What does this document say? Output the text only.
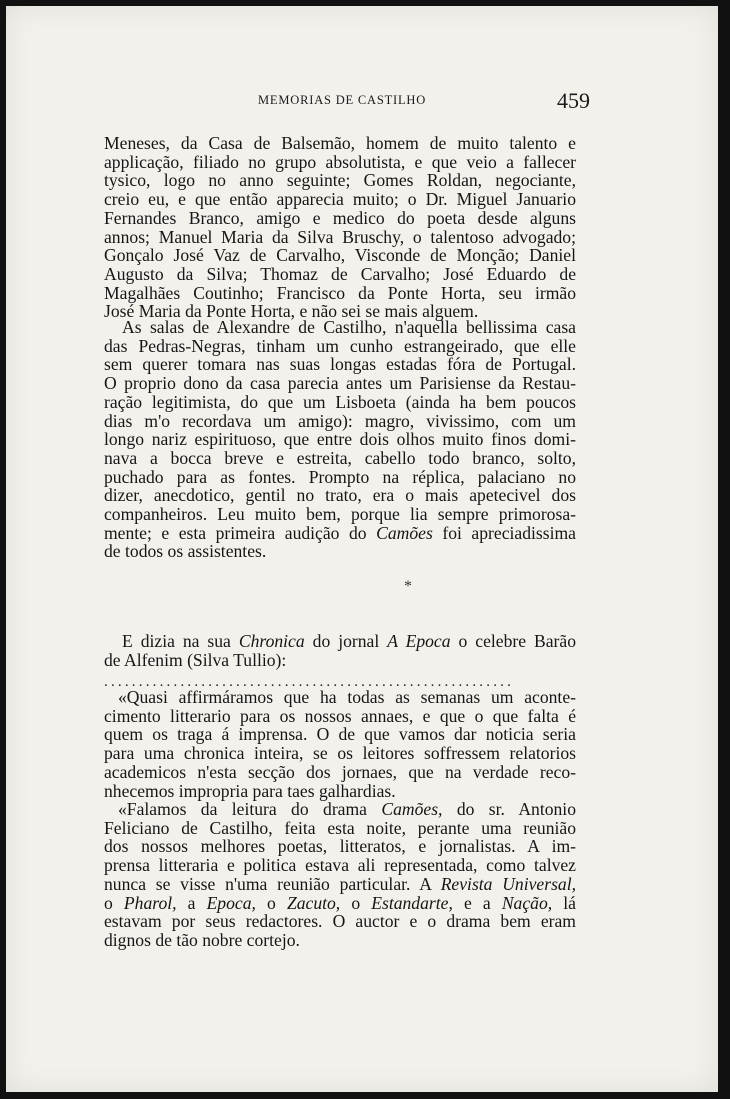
MEMORIAS DE CASTILHO	459
Meneses, da Casa de Balsemão, homem de muito talento e
applicação, filiado no grupo absolutista, e que veio a fallecer
tysico, logo no anno seguinte; Gomes Roldan, negociante,
creio eu, e que então apparecia muito; o Dr. Miguel Januario
Fernandes Branco, amigo e medico do poeta desde alguns
annos; Manuel Maria da Silva Bruschy, o talentoso advogado;
Gonçalo José Vaz de Carvalho, Visconde de Monção; Daniel
Augusto da Silva; Thomaz de Carvalho; José Eduardo de
Magalhães Coutinho; Francisco da Ponte Horta, seu irmão
José Maria da Ponte Horta, e não sei se mais alguem.
As salas de Alexandre de Castilho, n'aquella bellissima casa
das Pedras-Negras, tinham um cunho estrangeirado, que elle
sem querer tomara nas suas longas estadas fóra de Portugal.
O proprio dono da casa parecia antes um Parisiense da Restau-
ração legitimista, do que um Lisboeta (ainda ha bem poucos
dias m'o recordava um amigo): magro, vivissimo, com um
longo nariz espirituoso, que entre dois olhos muito finos domi-
nava a bocca breve e estreita, cabello todo branco, solto,
puchado para as fontes. Prompto na réplica, palaciano no
dizer, anecdotico, gentil no trato, era o mais apetecivel dos
companheiros. Leu muito bem, porque lia sempre primorosa-
mente; e esta primeira audição do Camões foi apreciadissima
de todos os assistentes.
*
E dizia na sua Chronica do jornal A Epoca o celebre Barão
de Alfenim (Silva Tullio):
...........................................................
«Quasi affirmáramos que ha todas as semanas um aconte-
cimento litterario para os nossos annaes, e que o que falta é
quem os traga á imprensa. O de que vamos dar noticia seria
para uma chronica inteira, se os leitores soffressem relatorios
academicos n'esta secção dos jornaes, que na verdade reco-
nhecemos impropria para taes galhardias.
«Falamos da leitura do drama Camões, do sr. Antonio
Feliciano de Castilho, feita esta noite, perante uma reunião
dos nossos melhores poetas, litteratos, e jornalistas. A im-
prensa litteraria e politica estava ali representada, como talvez
nunca se visse n'uma reunião particular. A Revista Universal,
o Pharol, a Epoca, o Zacuto, o Estandarte, e a Nação, lá
estavam por seus redactores. O auctor e o drama bem eram
dignos de tão nobre cortejo.
